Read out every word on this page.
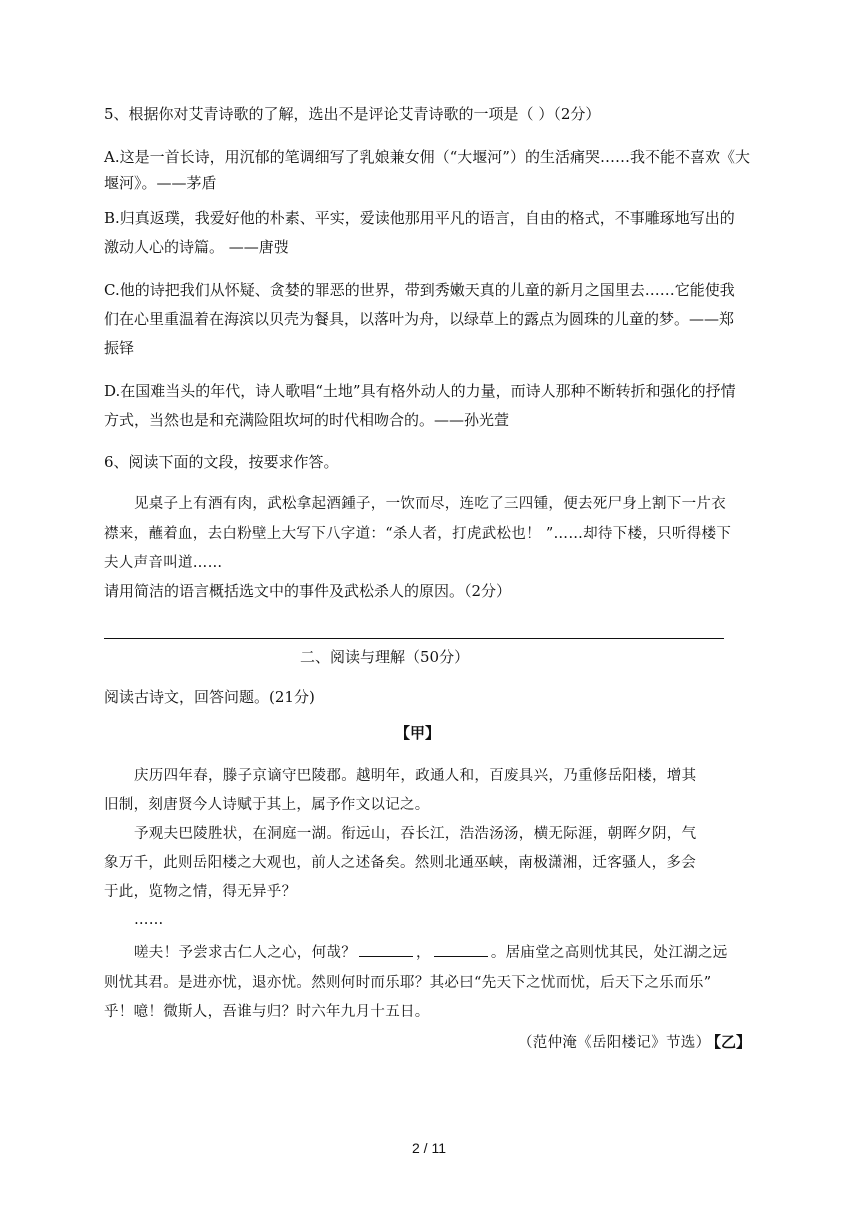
5、根据你对艾青诗歌的了解，选出不是评论艾青诗歌的一项是（ ）（2分）
A.这是一首长诗，用沉郁的笔调细写了乳娘兼女佣（“大堰河”）的生活痛哭……我不能不喜欢《大
堰河》。——茅盾
B.归真返璞，我爱好他的朴素、平实，爱读他那用平凡的语言，自由的格式，不事雕琢地写出的
激动人心的诗篇。 ——唐弢
C.他的诗把我们从怀疑、贪婪的罪恶的世界，带到秀嫩天真的儿童的新月之国里去……它能使我
们在心里重温着在海滨以贝壳为餐具，以落叶为舟，以绿草上的露点为圆珠的儿童的梦。——郑
振铎
D.在国难当头的年代，诗人歌唱“土地”具有格外动人的力量，而诗人那种不断转折和强化的抒情
方式，当然也是和充满险阻坎坷的时代相吻合的。——孙光萱
6、阅读下面的文段，按要求作答。
见桌子上有酒有肉，武松拿起酒鍾子，一饮而尽，连吃了三四锺，便去死尸身上割下一片衣
襟来，蘸着血，去白粉壁上大写下八字道：“杀人者，打虎武松也！ ”……却待下楼，只听得楼下
夫人声音叫道……
请用简洁的语言概括选文中的事件及武松杀人的原因。（2分）
二、阅读与理解（50分）
阅读古诗文，回答问题。(21分)
【甲】
庆历四年春，滕子京谪守巴陵郡。越明年，政通人和，百废具兴，乃重修岳阳楼，增其
旧制，刻唐贤今人诗赋于其上，属予作文以记之。
予观夫巴陵胜状，在洞庭一湖。衔远山，吞长江，浩浩汤汤，横无际涯，朝晖夕阴，气
象万千，此则岳阳楼之大观也，前人之述备矣。然则北通巫峡，南极潇湘，迁客骚人，多会
于此，览物之情，得无异乎？
……
嗟夫！予尝求古仁人之心，何哉？	，	。居庙堂之高则忧其民，处江湖之远
则忧其君。是进亦忧，退亦忧。然则何时而乐耶？其必曰“先天下之忧而忧，后天下之乐而乐”
乎！噫！微斯人，吾谁与归？时六年九月十五日。
（范仲淹《岳阳楼记》节选）
【乙】
2 / 11
